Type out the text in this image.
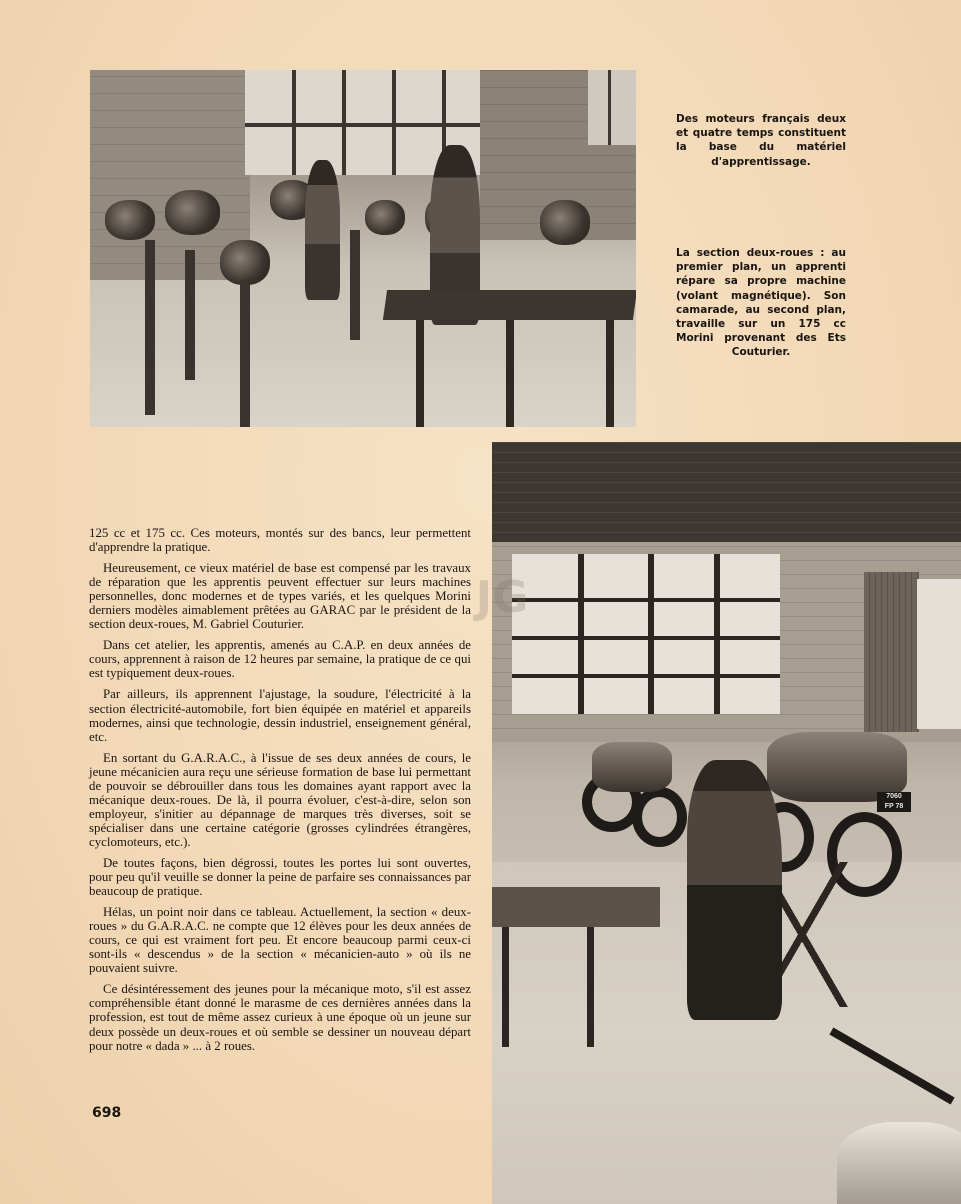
Des moteurs français deux et quatre temps constituent la base du matériel d'apprentissage.
La section deux-roues : au premier plan, un apprenti répare sa propre machine (volant magnétique). Son camarade, au second plan, travaille sur un 175 cc Morini provenant des Ets Couturier.
7060
FP 78
JG

125 cc et 175 cc. Ces moteurs, montés sur des bancs, leur permettent d'apprendre la pratique.

Heureusement, ce vieux matériel de base est compensé par les travaux de réparation que les apprentis peuvent effectuer sur leurs machines personnelles, donc modernes et de types variés, et les quelques Morini derniers modèles aimablement prêtées au GARAC par le président de la section deux-roues, M. Gabriel Couturier.

Dans cet atelier, les apprentis, amenés au C.A.P. en deux années de cours, apprennent à raison de 12 heures par semaine, la pratique de ce qui est typiquement deux-roues.

Par ailleurs, ils apprennent l'ajustage, la soudure, l'électricité à la section électricité-automobile, fort bien équipée en matériel et appareils modernes, ainsi que technologie, dessin industriel, enseignement général, etc.

En sortant du G.A.R.A.C., à l'issue de ses deux années de cours, le jeune mécanicien aura reçu une sérieuse formation de base lui permettant de pouvoir se débrouiller dans tous les domaines ayant rapport avec la mécanique deux-roues. De là, il pourra évoluer, c'est-à-dire, selon son employeur, s'initier au dépannage de marques très diverses, soit se spécialiser dans une certaine catégorie (grosses cylindrées étrangères, cyclomoteurs, etc.).

De toutes façons, bien dégrossi, toutes les portes lui sont ouvertes, pour peu qu'il veuille se donner la peine de parfaire ses connaissances par beaucoup de pratique.

Hélas, un point noir dans ce tableau. Actuellement, la section « deux-roues » du G.A.R.A.C. ne compte que 12 élèves pour les deux années de cours, ce qui est vraiment fort peu. Et encore beaucoup parmi ceux-ci sont-ils « descendus » de la section « mécanicien-auto » où ils ne pouvaient suivre.

Ce désintéressement des jeunes pour la mécanique moto, s'il est assez compréhensible étant donné le marasme de ces dernières années dans la profession, est tout de même assez curieux à une époque où un jeune sur deux possède un deux-roues et où semble se dessiner un nouveau départ pour notre « dada » ... à 2 roues.

698
